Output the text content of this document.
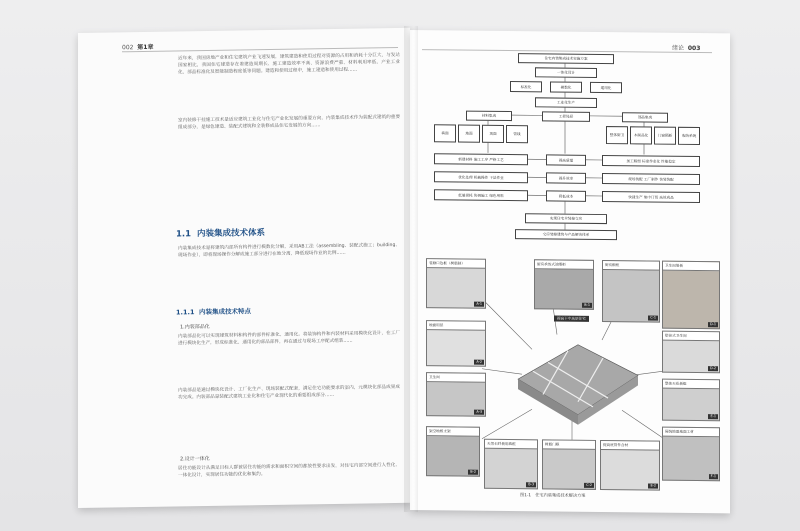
002 第1章
近年来，我国房地产业和住宅建筑产业飞速发展，建筑建造和使用过程对资源的占用和消耗十分巨大，与发达国家相比，我国住宅建造存在着建造周期长、施工建造效率不高、资源浪费严重、材料利用率低、产业工业化、部品标准化及智能制造程度低等问题。建造和使用过程中，施工建造和使用过程……
室内装修干挂施工技术是适应建筑工业化与住宅产业化发展的重要方向，内装集成技术作为装配式建筑的重要组成部分，是绿色建造、装配式建筑和全装修成品住宅发展的方向……
1.1 内装集成技术体系
内装集成技术是将建筑内部所有构件进行模数化分解，采用AB工法（assembling、装配式施工；building、现场作业），即将现场操作分解成施工部分进行在地分离，降低现场作业的比例……
1.1.1 内装集成技术特点
1.内装部品化
内装部品化可以实现建筑材料和构件的部件标准化、通用化。将装饰构件和内装材料采用模块化设计，在工厂进行模块化生产，形成标准化、通用化的部品部件，再在通过与现场工序配式组装……
内装部品是通过模块化设计、工厂化生产、现场装配式配套，满足住宅功能要求的室内，元模块化部品成果成功完成。内装部品是装配式建筑工业化和住宅产业现代化的重要组成部分……
2.设计一体化
居住功能设计从满足目标人群被居住功能的需求和面积空间的都放性要求出发，对住宅内部空间进行人性化、一体化设计，实现居住功能的优化和集约。
绪论 003
住宅内装集成技术实施方案
一体化设计
标准化	模数化	通用化
工业化生产
工程选择
材料集成	部品集成
墙面	地面	顶面	管线	整体厨卫	木制品化	门窗隔断	收纳系统
新建材料
施工工序
严格工艺	提高质量	加工精细
标准作业化
性能稳定
优化处理
机械操作
干法作业	提升效率	现场装配
工厂制作
快装装配
低量损耗
协调施工
绿色用料	降低成本	快捷生产
集中订货
高效成品
实现住宅全装修交房
交房装修建筑与产品解决体系
装修口边框（树脂制）
A-1
厨房承放式油烟柜
B-1
卫生间墙板
D-1
厨房橱柜
C-1
地面用层
A-2
卫生间
A-3
壁挂式卫生间
D-2
整体天花板组
E-1
架空地板支架
B-2
天然石纤板用墙框
B-3
树脂门框
C-2
提高底管件合材
E-2
硬装地面地面工材
F-1
提高干中高层住宅
图1-1　住宅内装集成技术解决方案
